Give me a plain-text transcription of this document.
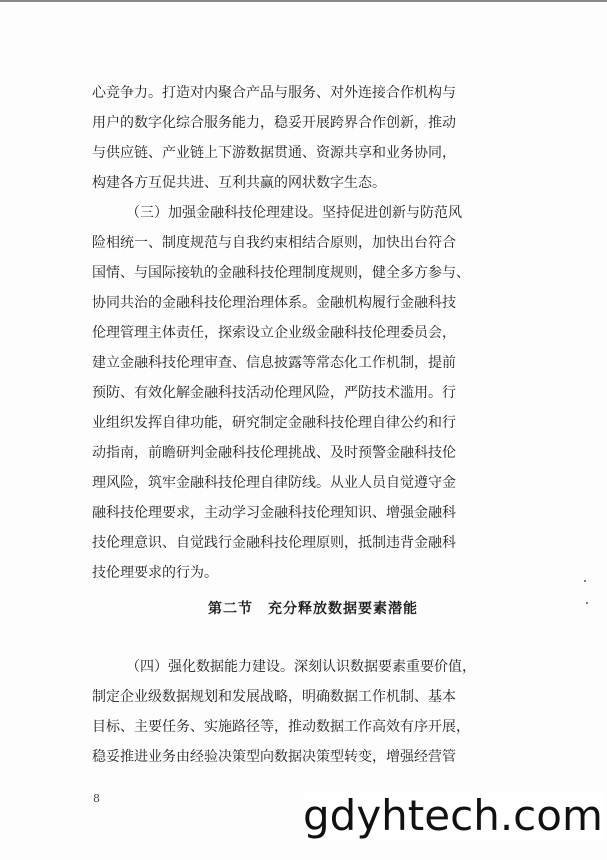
心竞争力。打造对内聚合产品与服务、对外连接合作机构与
用户的数字化综合服务能力，稳妥开展跨界合作创新，推动
与供应链、产业链上下游数据贯通、资源共享和业务协同，
构建各方互促共进、互利共赢的网状数字生态。
（三）加强金融科技伦理建设。坚持促进创新与防范风
险相统一、制度规范与自我约束相结合原则，加快出台符合
国情、与国际接轨的金融科技伦理制度规则，健全多方参与、
协同共治的金融科技伦理治理体系。金融机构履行金融科技
伦理管理主体责任，探索设立企业级金融科技伦理委员会，
建立金融科技伦理审查、信息披露等常态化工作机制，提前
预防、有效化解金融科技活动伦理风险，严防技术滥用。行
业组织发挥自律功能，研究制定金融科技伦理自律公约和行
动指南，前瞻研判金融科技伦理挑战、及时预警金融科技伦
理风险，筑牢金融科技伦理自律防线。从业人员自觉遵守金
融科技伦理要求，主动学习金融科技伦理知识、增强金融科
技伦理意识、自觉践行金融科技伦理原则，抵制违背金融科
技伦理要求的行为。
第二节　充分释放数据要素潜能
（四）强化数据能力建设。深刻认识数据要素重要价值，
制定企业级数据规划和发展战略，明确数据工作机制、基本
目标、主要任务、实施路径等，推动数据工作高效有序开展，
稳妥推进业务由经验决策型向数据决策型转变，增强经营管
8	gdyhtech.com
